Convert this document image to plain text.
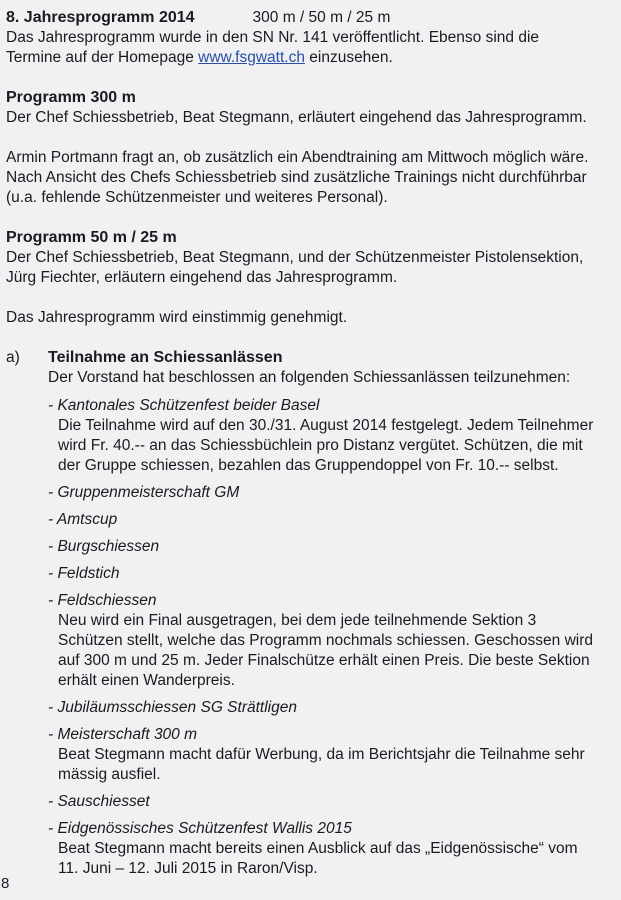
8. Jahresprogramm 2014	300 m / 50 m / 25 m

Das Jahresprogramm wurde in den SN Nr. 141 veröffentlicht. Ebenso sind die Termine auf der Homepage www.fsgwatt.ch einzusehen.

Programm 300 m

Der Chef Schiessbetrieb, Beat Stegmann, erläutert eingehend das Jahresprogramm.

Armin Portmann fragt an, ob zusätzlich ein Abendtraining am Mittwoch möglich wäre. Nach Ansicht des Chefs Schiessbetrieb sind zusätzliche Trainings nicht durchführbar (u.a. fehlende Schützenmeister und weiteres Personal).

Programm 50 m / 25 m

Der Chef Schiessbetrieb, Beat Stegmann, und der Schützenmeister Pistolensektion, Jürg Fiechter, erläutern eingehend das Jahresprogramm.

Das Jahresprogramm wird einstimmig genehmigt.

a)	Teilnahme an Schiessanlässen

Der Vorstand hat beschlossen an folgenden Schiessanlässen teilzunehmen:

- Kantonales Schützenfest beider Basel
Die Teilnahme wird auf den 30./31. August 2014 festgelegt. Jedem Teilnehmer wird Fr. 40.-- an das Schiessbüchlein pro Distanz vergütet. Schützen, die mit der Gruppe schiessen, bezahlen das Gruppendoppel von Fr. 10.-- selbst.
- Gruppenmeisterschaft GM
- Amtscup
- Burgschiessen
- Feldstich
- Feldschiessen
Neu wird ein Final ausgetragen, bei dem jede teilnehmende Sektion 3 Schützen stellt, welche das Programm nochmals schiessen. Geschossen wird auf 300 m und 25 m. Jeder Finalschütze erhält einen Preis. Die beste Sektion erhält einen Wanderpreis.
- Jubiläumsschiessen SG Strättligen
- Meisterschaft 300 m
Beat Stegmann macht dafür Werbung, da im Berichtsjahr die Teilnahme sehr mässig ausfiel.
- Sauschiesset
- Eidgenössisches Schützenfest Wallis 2015
Beat Stegmann macht bereits einen Ausblick auf das „Eidgenössische“ vom 11. Juni – 12. Juli 2015 in Raron/Visp.
8
